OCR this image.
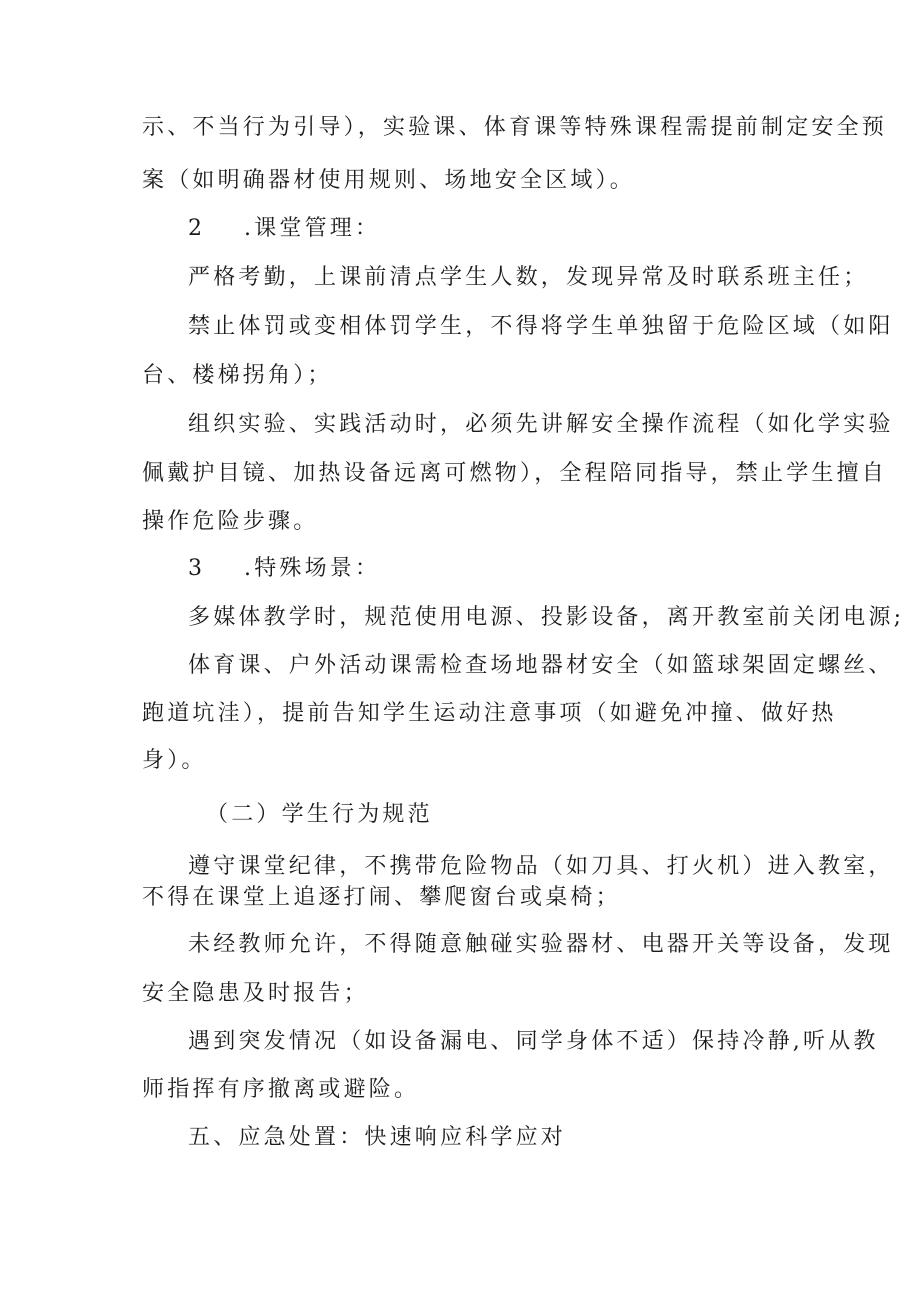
示、不当行为引导），实验课、体育课等特殊课程需提前制定安全预
案（如明确器材使用规则、场地安全区域）。
2 .课堂管理：
严格考勤，上课前清点学生人数，发现异常及时联系班主任；
禁止体罚或变相体罚学生，不得将学生单独留于危险区域（如阳
台、楼梯拐角）；
组织实验、实践活动时，必须先讲解安全操作流程（如化学实验
佩戴护目镜、加热设备远离可燃物），全程陪同指导，禁止学生擅自
操作危险步骤。
3 .特殊场景：
多媒体教学时，规范使用电源、投影设备，离开教室前关闭电源;
体育课、户外活动课需检查场地器材安全（如篮球架固定螺丝、
跑道坑洼），提前告知学生运动注意事项（如避免冲撞、做好热
身）。
（二）学生行为规范
遵守课堂纪律，不携带危险物品（如刀具、打火机）进入教室，
不得在课堂上追逐打闹、攀爬窗台或桌椅；
未经教师允许，不得随意触碰实验器材、电器开关等设备，发现
安全隐患及时报告；
遇到突发情况（如设备漏电、同学身体不适）保持冷静,听从教
师指挥有序撤离或避险。
五、应急处置：快速响应科学应对
